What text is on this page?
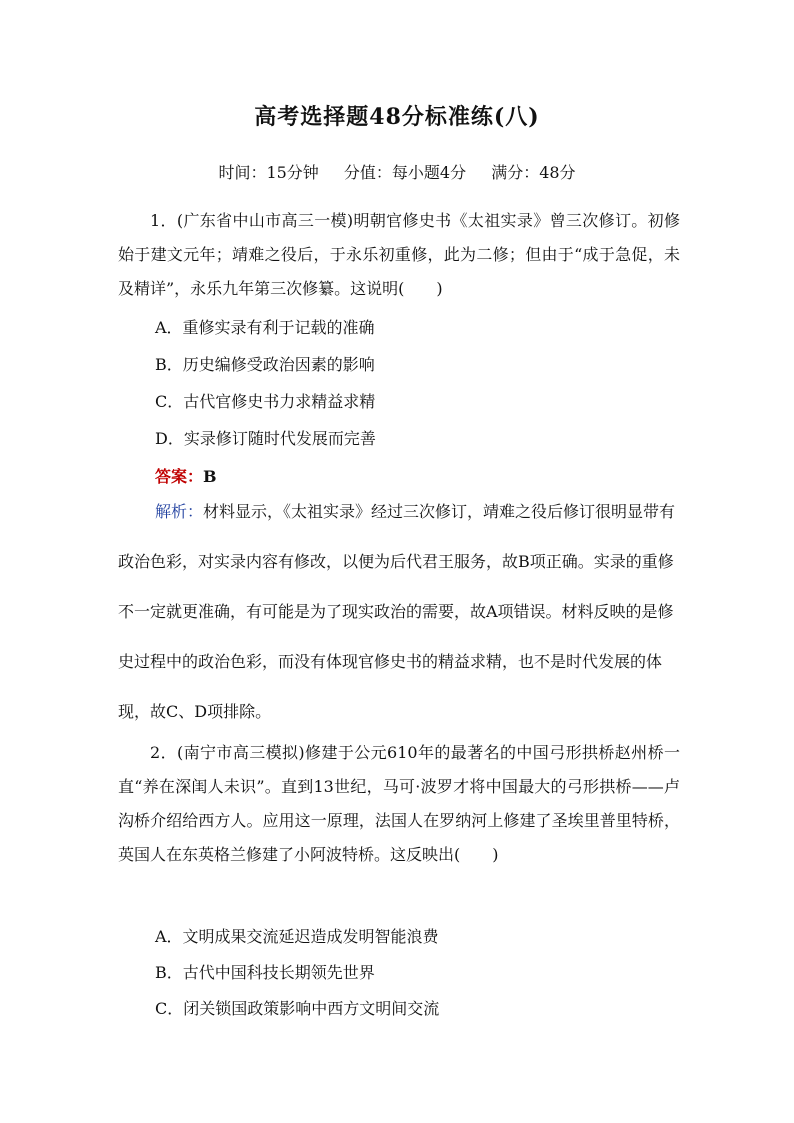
高考选择题48分标准练(八)
时间：15分钟 分值：每小题4分 满分：48分

1．(广东省中山市高三一模)明朝官修史书《太祖实录》曾三次修订。初修始于建文元年；靖难之役后，于永乐初重修，此为二修；但由于“成于急促，未及精详”，永乐九年第三次修纂。这说明(　　)

A．重修实录有利于记载的准确
B．历史编修受政治因素的影响
C．古代官修史书力求精益求精
D．实录修订随时代发展而完善
答案：B

解析：材料显示，《太祖实录》经过三次修订，靖难之役后修订很明显带有政治色彩，对实录内容有修改，以便为后代君王服务，故B项正确。实录的重修不一定就更准确，有可能是为了现实政治的需要，故A项错误。材料反映的是修史过程中的政治色彩，而没有体现官修史书的精益求精，也不是时代发展的体现，故C、D项排除。

2．(南宁市高三模拟)修建于公元610年的最著名的中国弓形拱桥赵州桥一直“养在深闺人未识”。直到13世纪，马可·波罗才将中国最大的弓形拱桥——卢沟桥介绍给西方人。应用这一原理，法国人在罗纳河上修建了圣埃里普里特桥，英国人在东英格兰修建了小阿波特桥。这反映出(　　)

A．文明成果交流延迟造成发明智能浪费
B．古代中国科技长期领先世界
C．闭关锁国政策影响中西方文明间交流
